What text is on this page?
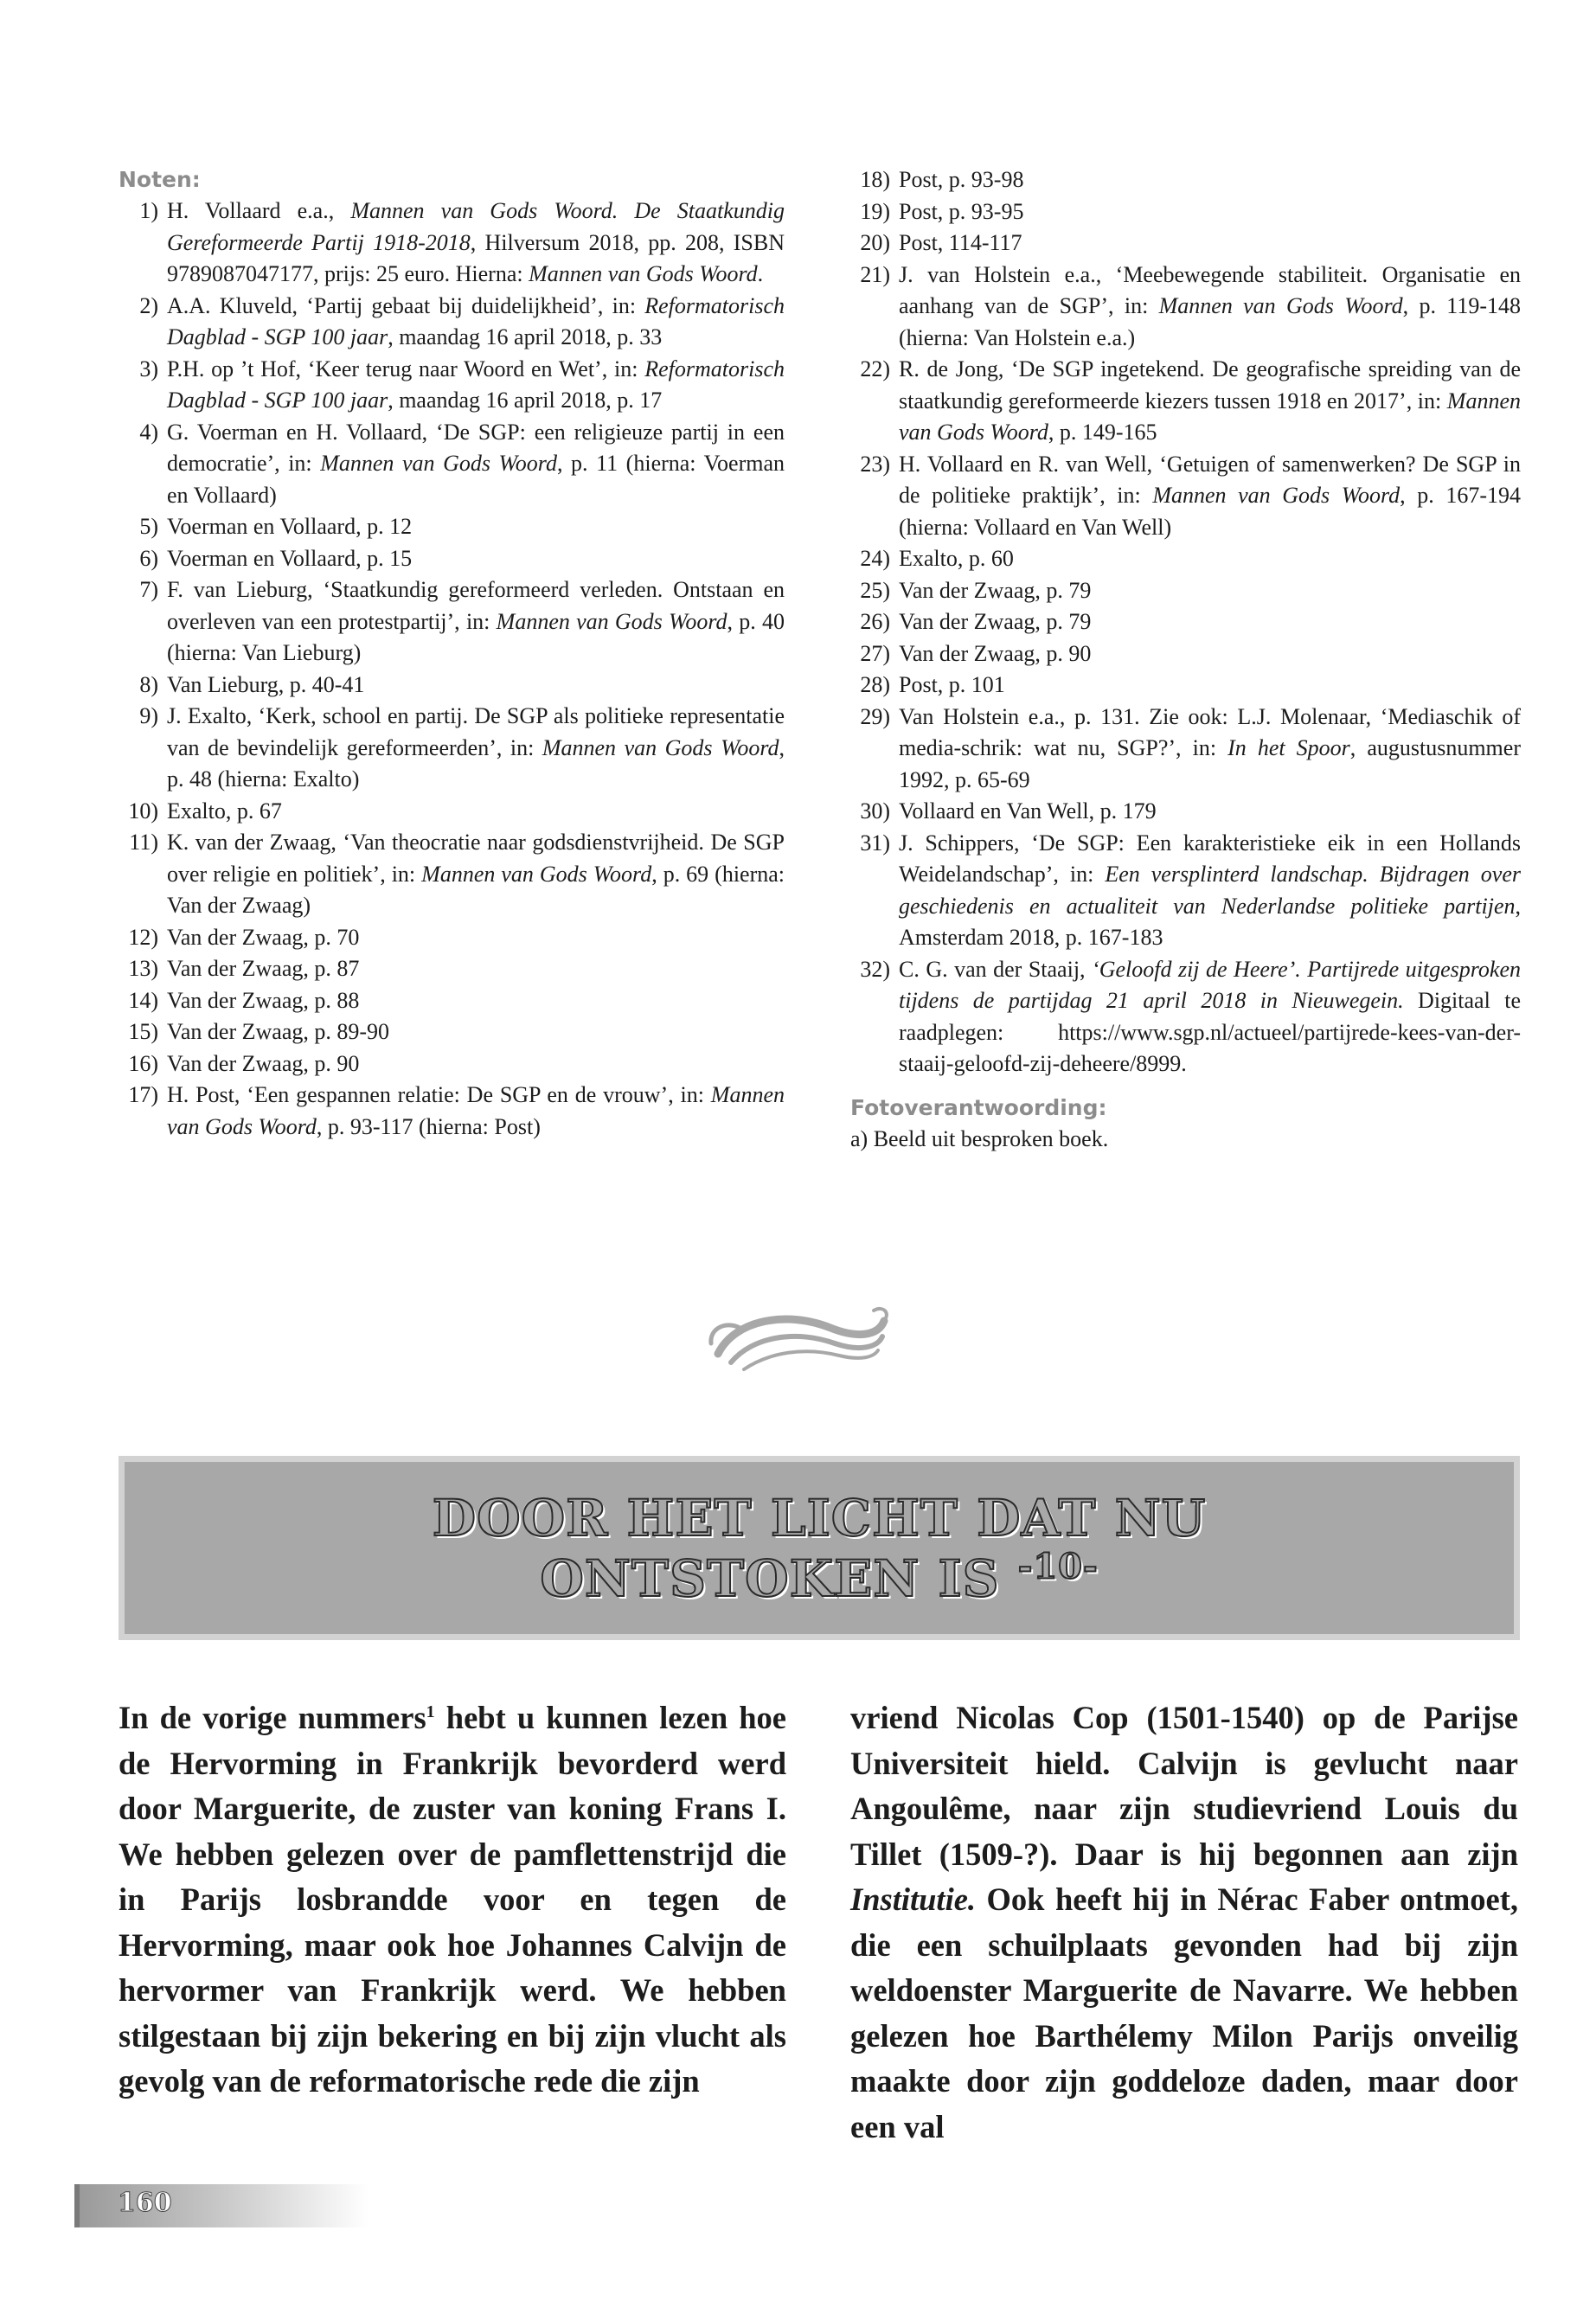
Noten:
1) H. Vollaard e.a., Mannen van Gods Woord. De Staatkundig Gereformeerde Partij 1918-2018, Hilversum 2018, pp. 208, ISBN 9789087047177, prijs: 25 euro. Hierna: Mannen van Gods Woord.
2) A.A. Kluveld, ‘Partij gebaat bij duidelijkheid’, in: Reformatorisch Dagblad - SGP 100 jaar, maandag 16 april 2018, p. 33
3) P.H. op ’t Hof, ‘Keer terug naar Woord en Wet’, in: Reformatorisch Dagblad - SGP 100 jaar, maandag 16 april 2018, p. 17
4) G. Voerman en H. Vollaard, ‘De SGP: een religieuze partij in een democratie’, in: Mannen van Gods Woord, p. 11 (hierna: Voerman en Vollaard)
5) Voerman en Vollaard, p. 12
6) Voerman en Vollaard, p. 15
7) F. van Lieburg, ‘Staatkundig gereformeerd verleden. Ontstaan en overleven van een protestpartij’, in: Mannen van Gods Woord, p. 40 (hierna: Van Lieburg)
8) Van Lieburg, p. 40-41
9) J. Exalto, ‘Kerk, school en partij. De SGP als politieke representatie van de bevindelijk gereformeerden’, in: Mannen van Gods Woord, p. 48 (hierna: Exalto)
10) Exalto, p. 67
11) K. van der Zwaag, ‘Van theocratie naar godsdienstvrijheid. De SGP over religie en politiek’, in: Mannen van Gods Woord, p. 69 (hierna: Van der Zwaag)
12) Van der Zwaag, p. 70
13) Van der Zwaag, p. 87
14) Van der Zwaag, p. 88
15) Van der Zwaag, p. 89-90
16) Van der Zwaag, p. 90
17) H. Post, ‘Een gespannen relatie: De SGP en de vrouw’, in: Mannen van Gods Woord, p. 93-117 (hierna: Post)
18) Post, p. 93-98
19) Post, p. 93-95
20) Post, 114-117
21) J. van Holstein e.a., ‘Meebewegende stabiliteit. Organisatie en aanhang van de SGP’, in: Mannen van Gods Woord, p. 119-148 (hierna: Van Holstein e.a.)
22) R. de Jong, ‘De SGP ingetekend. De geografische spreiding van de staatkundig gereformeerde kiezers tussen 1918 en 2017’, in: Mannen van Gods Woord, p. 149-165
23) H. Vollaard en R. van Well, ‘Getuigen of samenwerken? De SGP in de politieke praktijk’, in: Mannen van Gods Woord, p. 167-194 (hierna: Vollaard en Van Well)
24) Exalto, p. 60
25) Van der Zwaag, p. 79
26) Van der Zwaag, p. 79
27) Van der Zwaag, p. 90
28) Post, p. 101
29) Van Holstein e.a., p. 131. Zie ook: L.J. Molenaar, ‘Mediaschik of media-schrik: wat nu, SGP?’, in: In het Spoor, augustusnummer 1992, p. 65-69
30) Vollaard en Van Well, p. 179
31) J. Schippers, ‘De SGP: Een karakteristieke eik in een Hollands Weidelandschap’, in: Een versplinterd landschap. Bijdragen over geschiedenis en actualiteit van Nederlandse politieke partijen, Amsterdam 2018, p. 167-183
32) C. G. van der Staaij, ‘Geloofd zij de Heere’. Partijrede uitgesproken tijdens de partijdag 21 april 2018 in Nieuwegein. Digitaal te raadplegen: https://www.sgp.nl/actueel/partijrede-kees-van-der-staaij-geloofd-zij-deheere/8999.
Fotoverantwoording:
a) Beeld uit besproken boek.
DOOR HET LICHT DAT NU
ONTSTOKEN IS $^{-10-}$
In de vorige nummers$^1$ hebt u kunnen lezen hoe de Hervorming in Frankrijk bevorderd werd door Marguerite, de zuster van koning Frans I. We hebben gelezen over de pamflettenstrijd die in Parijs losbrandde voor en tegen de Hervorming, maar ook hoe Johannes Calvijn de hervormer van Frankrijk werd. We hebben stilgestaan bij zijn bekering en bij zijn vlucht als gevolg van de reformatorische rede die zijn
vriend Nicolas Cop (1501-1540) op de Parijse Universiteit hield. Calvijn is gevlucht naar Angoulême, naar zijn studievriend Louis du Tillet (1509-?). Daar is hij begonnen aan zijn Institutie. Ook heeft hij in Nérac Faber ontmoet, die een schuilplaats gevonden had bij zijn weldoenster Marguerite de Navarre. We hebben gelezen hoe Barthélemy Milon Parijs onveilig maakte door zijn goddeloze daden, maar door een val
160
